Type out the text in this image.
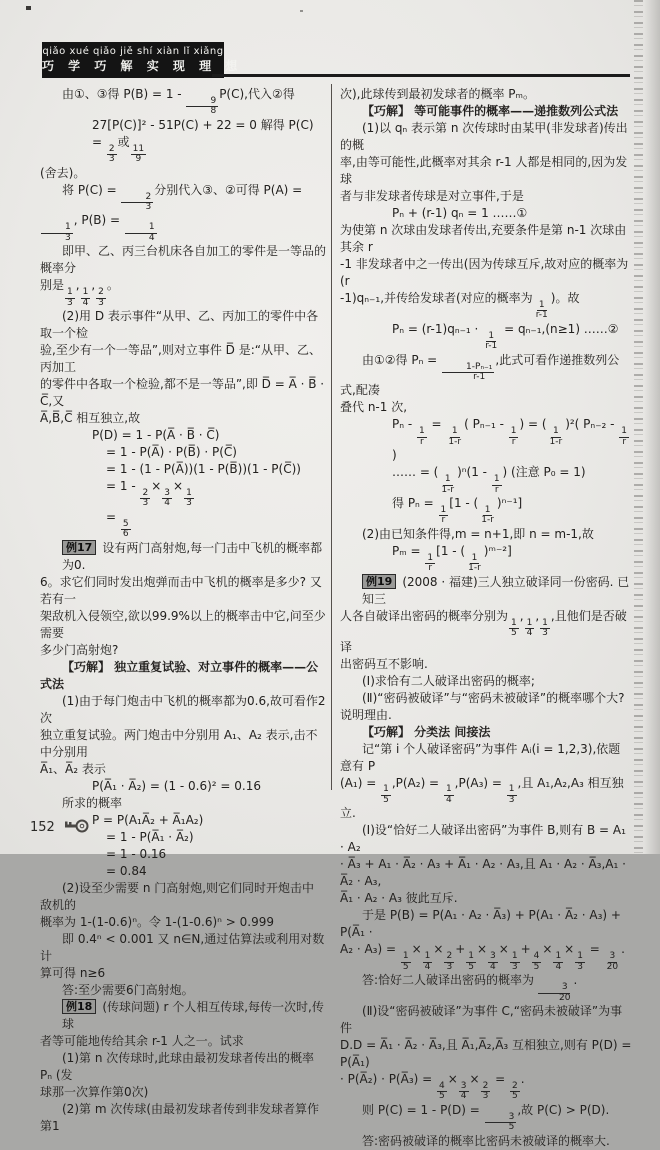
qiǎo xué qiǎo jiě shí xiàn lǐ xiǎng
巧 学 巧 解 实 现 理 想
由①、③得 P(B) = 1 -
$\frac{9}{8}$
P(C),代入②得
27[P(C)]² - 51P(C) + 22 = 0 解得 P(C) =
$\frac{2}{3}$
或
$\frac{11}{9}$
(舍去)。
将 P(C) =
$\frac{2}{3}$
分别代入③、②可得 P(A) =
$\frac{1}{3}$
, P(B) =
$\frac{1}{4}$
即甲、乙、丙三台机床各自加工的零件是一等品的概率分
别是
$\frac{1}{3}$
,
$\frac{1}{4}$
,
$\frac{2}{3}$
。
(2)用 D 表示事件“从甲、乙、丙加工的零件中各取一个检
验,至少有一个一等品”,则对立事件 D̅ 是:“从甲、乙、丙加工
的零件中各取一个检验,都不是一等品”,即 D̅ = A̅ · B̅ · C̅,又
A̅,B̅,C̅ 相互独立,故
P(D) = 1 - P(A̅ · B̅ · C̅)
= 1 - P(A̅) · P(B̅) · P(C̅)
= 1 - (1 - P(A̅))(1 - P(B̅))(1 - P(C̅))
= 1 -
$\frac{2}{3}$
×
$\frac{3}{4}$
×
$\frac{1}{3}$
=
$\frac{5}{6}$
例17 设有两门高射炮,每一门击中飞机的概率都为0.
6。求它们同时发出炮弹而击中飞机的概率是多少? 又若有一
架敌机入侵领空,欲以99.9%以上的概率击中它,问至少需要
多少门高射炮?
【巧解】 独立重复试验、对立事件的概率——公式法
(1)由于每门炮击中飞机的概率都为0.6,故可看作2次
独立重复试验。两门炮击中分别用 A₁、A₂ 表示,击不中分别用
A̅₁、A̅₂ 表示
P(A̅₁ · A̅₂) = (1 - 0.6)² = 0.16
所求的概率
P = P(A₁A̅₂ + A̅₁A₂)
= 1 - P(A̅₁ · A̅₂)
= 1 - 0.16
= 0.84
(2)设至少需要 n 门高射炮,则它们同时开炮击中敌机的
概率为 1-(1-0.6)ⁿ。令 1-(1-0.6)ⁿ > 0.999
即 0.4ⁿ < 0.001 又 n∈N,通过估算法或利用对数计
算可得 n≥6
答:至少需要6门高射炮。
例18 (传球问题) r 个人相互传球,每传一次时,传球
者等可能地传给其余 r-1 人之一。试求
(1)第 n 次传球时,此球由最初发球者传出的概率 Pₙ (发
球那一次算作第0次)
(2)第 m 次传球(由最初发球者传到非发球者算作第1
次),此球传到最初发球者的概率 Pₘ。
【巧解】 等可能事件的概率——递推数列公式法
(1)以 qₙ 表示第 n 次传球时由某甲(非发球者)传出的概
率,由等可能性,此概率对其余 r-1 人都是相同的,因为发球
者与非发球者传球是对立事件,于是
Pₙ + (r-1) qₙ = 1 ……①
为使第 n 次球由发球者传出,充要条件是第 n-1 次球由其余 r
-1 非发球者中之一传出(因为传球互斥,故对应的概率为(r
-1)qₙ₋₁,并传给发球者(对应的概率为
$\frac{1}{r-1}$
)。故
Pₙ = (r-1)qₙ₋₁ ·
$\frac{1}{r-1}$
= qₙ₋₁,(n≥1) ……②
由①②得 Pₙ =
$\frac{\text{1-Pₙ₋₁}}{r-1}$
,此式可看作递推数列公式,配凑
叠代 n-1 次,
Pₙ -
$\frac{1}{r}$
=
$\frac{1}{1-r}$
( Pₙ₋₁ -
$\frac{1}{r}$
) = (
$\frac{1}{1-r}$
)²( Pₙ₋₂ -
$\frac{1}{r}$
)
…… = (
$\frac{1}{1-r}$
)ⁿ(1 -
$\frac{1}{r}$
) (注意 P₀ = 1)
得 Pₙ =
$\frac{1}{r}$
[1 - (
$\frac{1}{1-r}$
)ⁿ⁻¹]
(2)由已知条件得,m = n+1,即 n = m-1,故
Pₘ =
$\frac{1}{r}$
[1 - (
$\frac{1}{1-r}$
)ᵐ⁻²]
例19 (2008 · 福建)三人独立破译同一份密码. 已知三
人各自破译出密码的概率分别为
$\frac{1}{5}$
,
$\frac{1}{4}$
,
$\frac{1}{3}$
,且他们是否破译
出密码互不影响.
(Ⅰ)求恰有二人破译出密码的概率;
(Ⅱ)“密码被破译”与“密码未被破译”的概率哪个大?
说明理由.
【巧解】 分类法 间接法
记“第 i 个人破译密码”为事件 Aᵢ(i = 1,2,3),依题意有 P
(A₁) =
$\frac{1}{5}$
,P(A₂) =
$\frac{1}{4}$
,P(A₃) =
$\frac{1}{3}$
,且 A₁,A₂,A₃ 相互独立.
(Ⅰ)设“恰好二人破译出密码”为事件 B,则有 B = A₁ · A₂
· A̅₃ + A₁ · A̅₂ · A₃ + A̅₁ · A₂ · A₃,且 A₁ · A₂ · A̅₃,A₁ · A̅₂ · A₃,
A̅₁ · A₂ · A₃ 彼此互斥.
于是 P(B) = P(A₁ · A₂ · A̅₃) + P(A₁ · A̅₂ · A₃) + P(A̅₁ ·
A₂ · A₃) =
$\frac{1}{5}$
×
$\frac{1}{4}$
×
$\frac{2}{3}$
+
$\frac{1}{5}$
×
$\frac{3}{4}$
×
$\frac{1}{3}$
+
$\frac{4}{5}$
×
$\frac{1}{4}$
×
$\frac{1}{3}$
=
$\frac{3}{20}$
.
答:恰好二人破译出密码的概率为
$\frac{3}{20}$
.
(Ⅱ)设“密码被破译”为事件 C,“密码未被破译”为事件
D.D = A̅₁ · A̅₂ · A̅₃,且 A̅₁,A̅₂,A̅₃ 互相独立,则有 P(D) = P(A̅₁)
· P(A̅₂) · P(A̅₃) =
$\frac{4}{5}$
×
$\frac{3}{4}$
×
$\frac{2}{3}$
=
$\frac{2}{5}$
.
则 P(C) = 1 - P(D) =
$\frac{3}{5}$
,故 P(C) > P(D).
答:密码被破译的概率比密码未被破译的概率大.
152
